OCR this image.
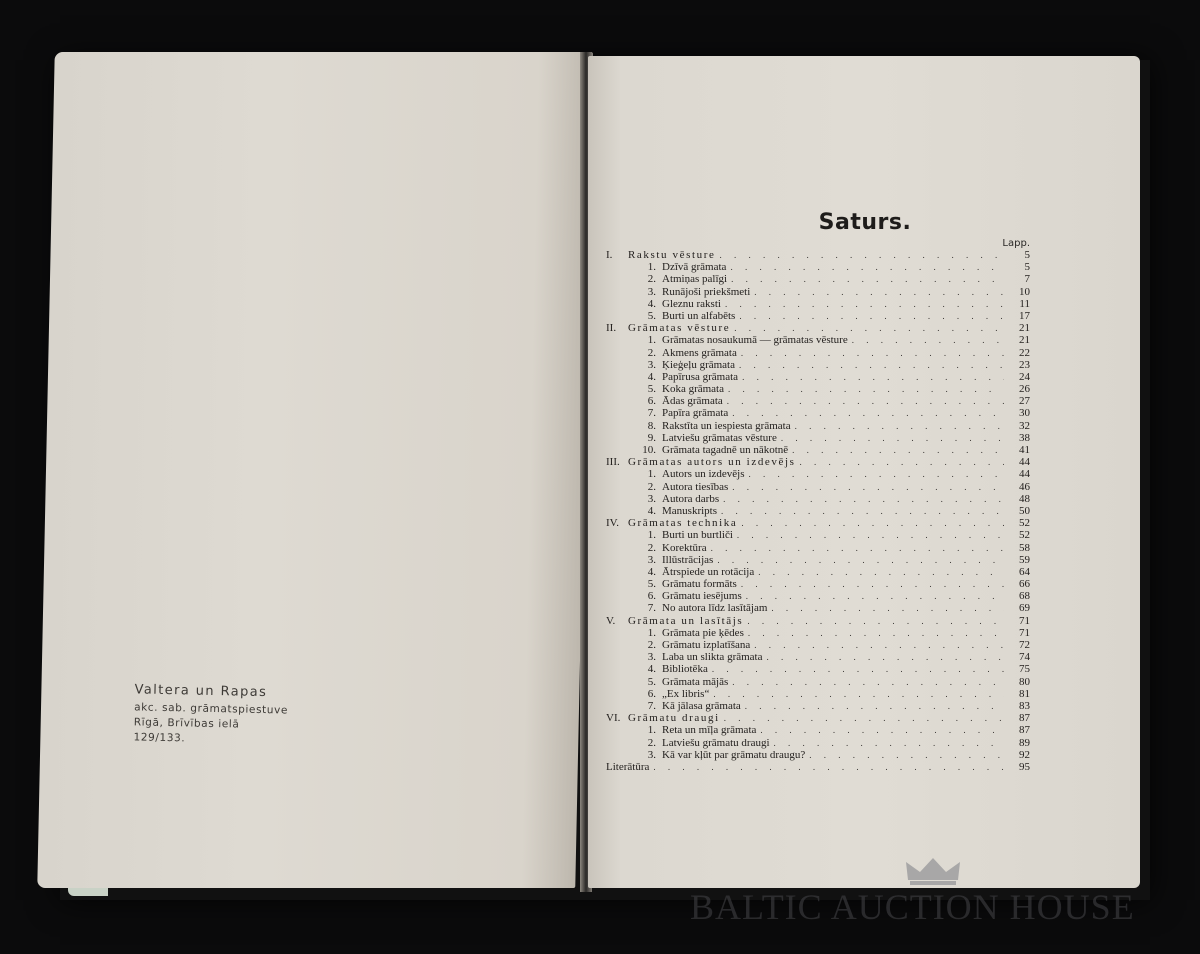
Valtera un Rapas
akc. sab. grāmatspiestuve
Rīgā, Brīvības ielā 129/133.
Saturs.
Lapp.
I.	Rakstu vēsture . . .	5
1. Dzīvā grāmata . . .	5
2. Atmiņas palīgi . . .	7
3. Runājoši priekšmeti . . .	10
4. Gleznu raksti . . .	11
5. Burti un alfabēts . . .	17
II.	Grāmatas vēsture . . .	21
1. Grāmatas nosaukumā — grāmatas vēsture . . .	21
2. Akmens grāmata . . .	22
3. Ķieģeļu grāmata . . .	23
4. Papīrusa grāmata . . .	24
5. Koka grāmata . . .	26
6. Ādas grāmata . . .	27
7. Papīra grāmata . . .	30
8. Rakstīta un iespiesta grāmata . . .	32
9. Latviešu grāmatas vēsture . . .	38
10. Grāmata tagadnē un nākotnē . . .	41
III. Grāmatas autors un izdevējs . . .	44
1. Autors un izdevējs . . .	44
2. Autora tiesības . . .	46
3. Autora darbs . . .	48
4. Manuskripts . . .	50
IV. Grāmatas technika . . .	52
1. Burti un burtliči . . .	52
2. Korektūra . . .	58
3. Illūstrācijas . . .	59
4. Ātrspiede un rotācija . . .	64
5. Grāmatu formāts . . .	66
6. Grāmatu iesējums . . .	68
7. No autora līdz lasītājam . . .	69
V.	Grāmata un lasītājs . . .	71
1. Grāmata pie ķēdes . . .	71
2. Grāmatu izplatīšana . . .	72
3. Laba un slikta grāmata . . .	74
4. Bibliotēka . . .	75
5. Grāmata mājās . . .	80
6. „Ex libris“ . . .	81
7. Kā jālasa grāmata . . .	83
VI. Grāmatu draugi . . .	87
1. Reta un mīļa grāmata . . .	87
2. Latviešu grāmatu draugi . . .	89
3. Kā var kļūt par grāmatu draugu? . . .	92
Literātūra . . .	95
BALTIC AUCTION HOUSE
